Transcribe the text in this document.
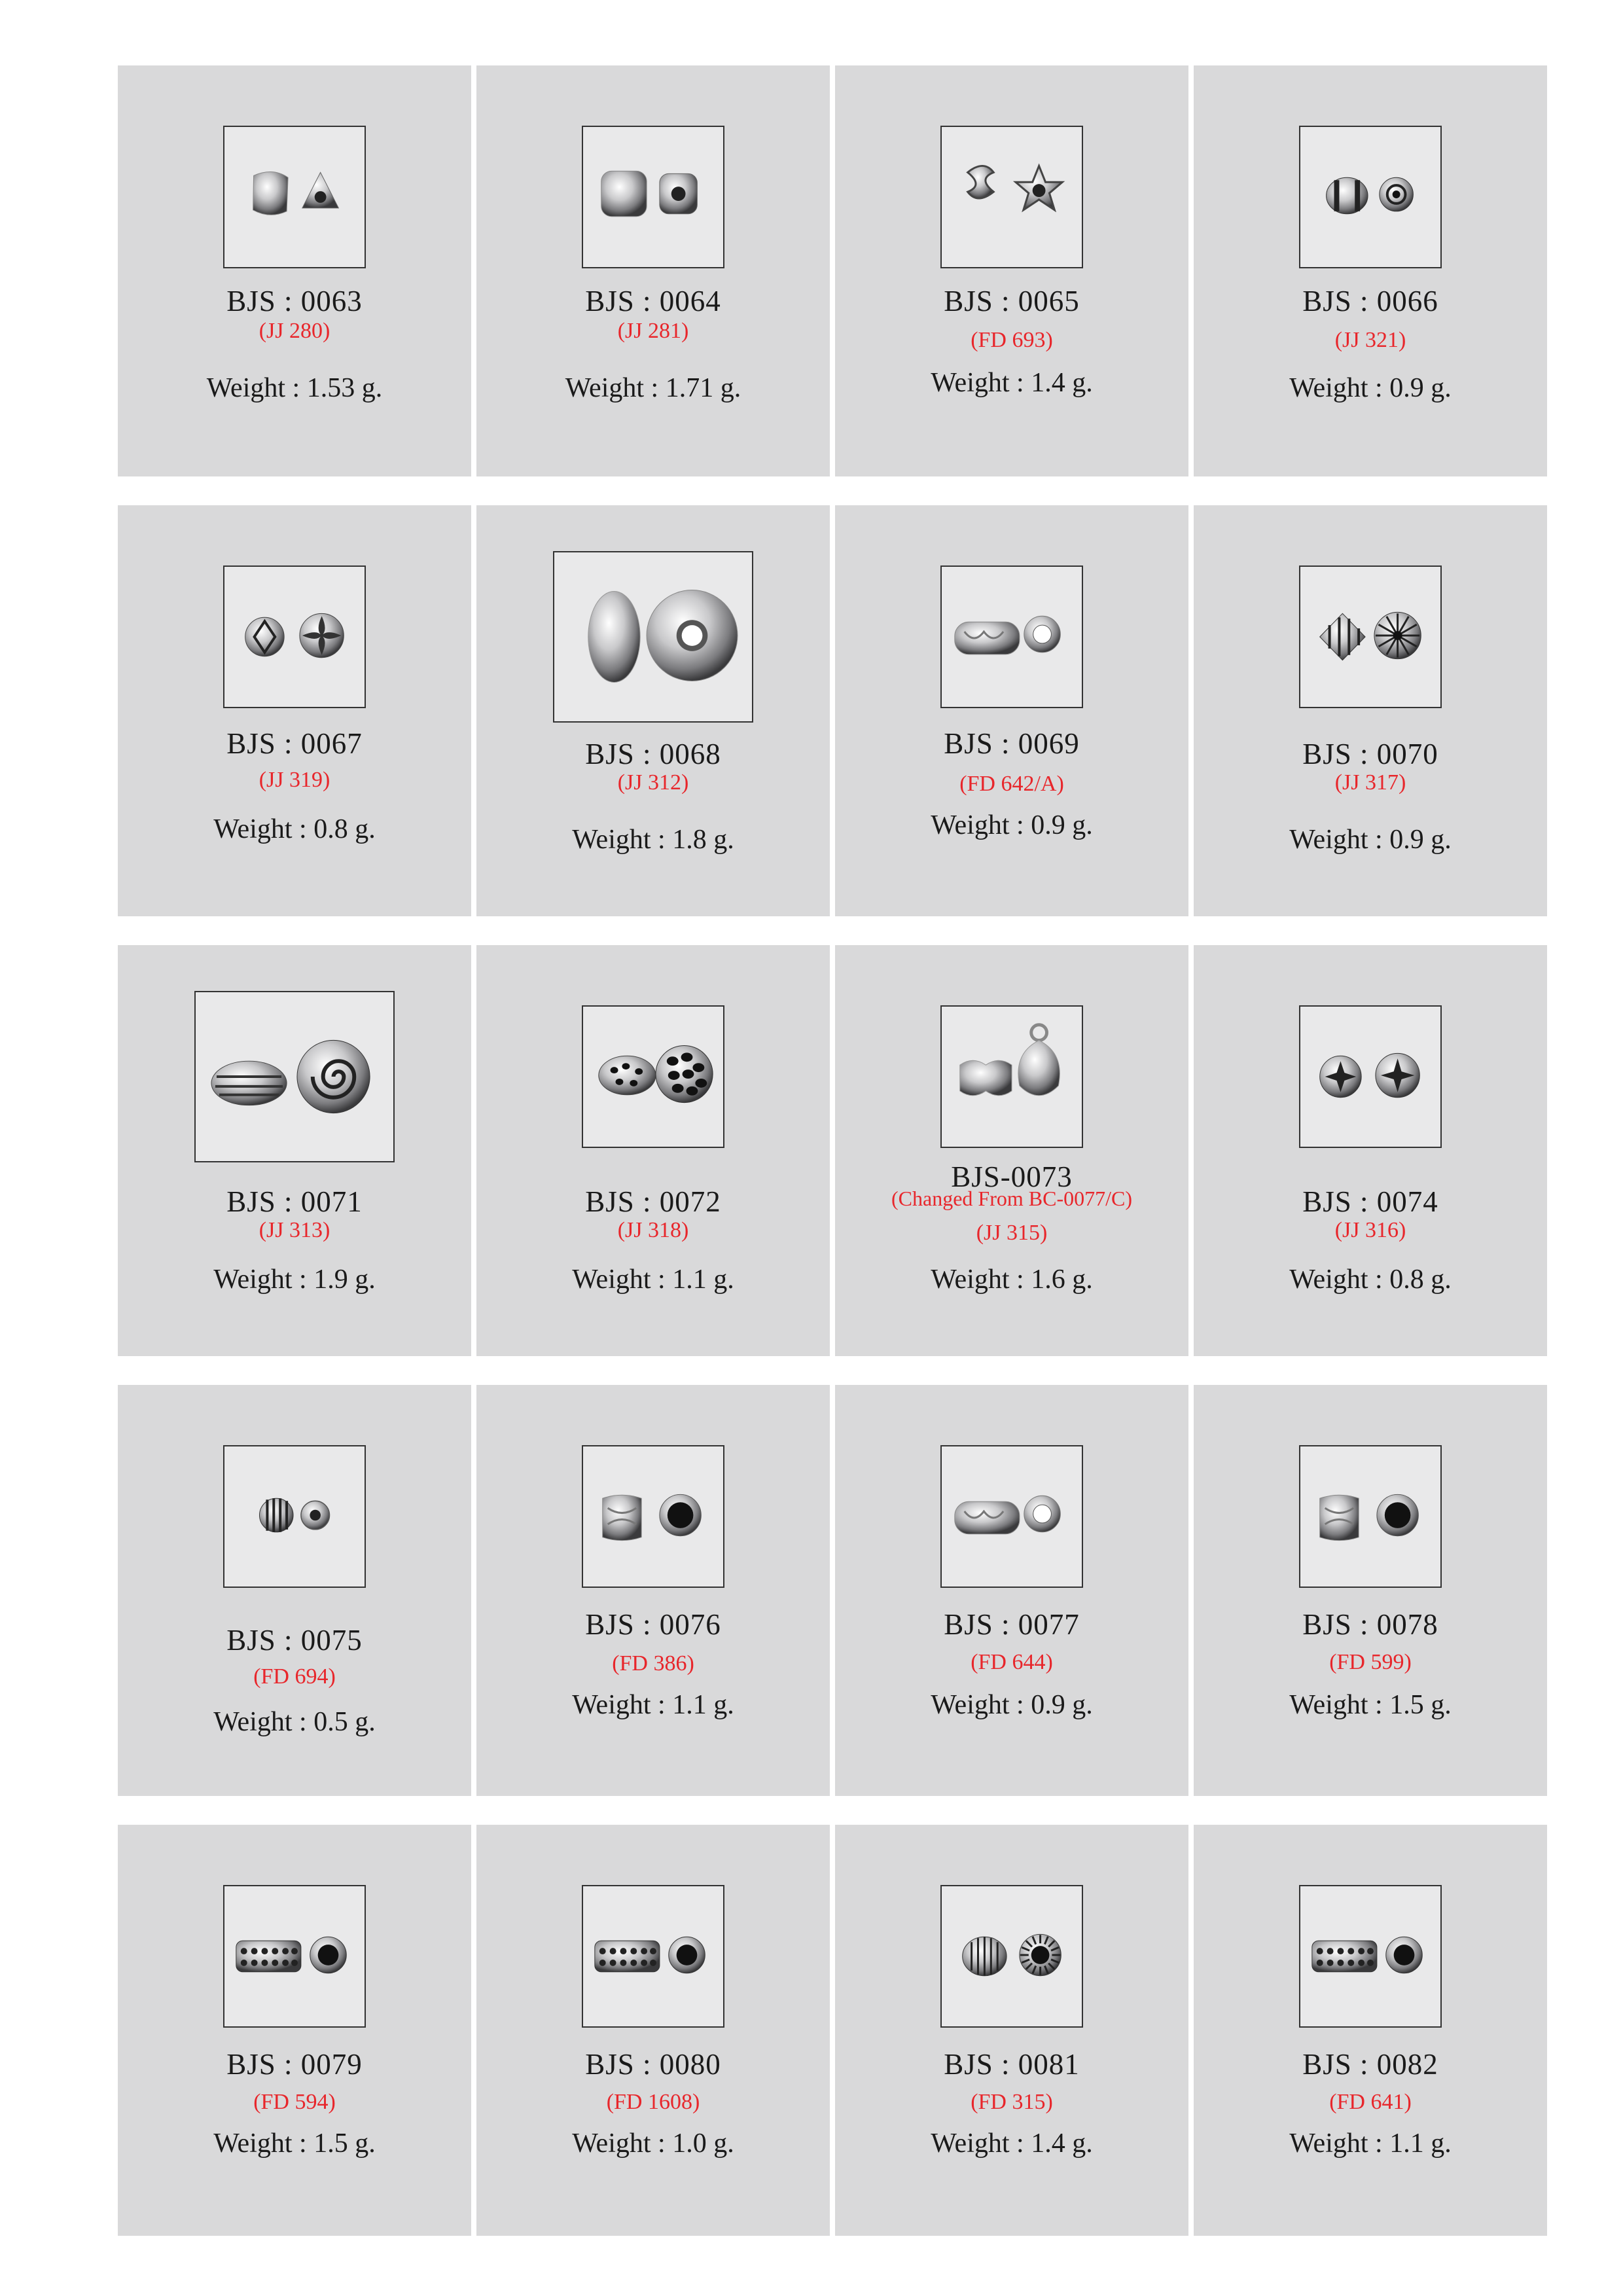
BJS : 0063
(JJ 280)
Weight : 1.53 g.
BJS : 0064
(JJ 281)
Weight : 1.71 g.
BJS : 0065
(FD 693)
Weight : 1.4 g.
BJS : 0066
(JJ 321)
Weight : 0.9 g.
BJS : 0067
(JJ 319)
Weight : 0.8 g.
BJS : 0068
(JJ 312)
Weight : 1.8 g.
BJS : 0069
(FD 642/A)
Weight : 0.9 g.
BJS : 0070
(JJ 317)
Weight : 0.9 g.
BJS : 0071
(JJ 313)
Weight : 1.9 g.
BJS : 0072
(JJ 318)
Weight : 1.1 g.
BJS-0073
(Changed From BC-0077/C)
(JJ 315)
Weight : 1.6 g.
BJS : 0074
(JJ 316)
Weight : 0.8 g.
BJS : 0075
(FD 694)
Weight : 0.5 g.
BJS : 0076
(FD 386)
Weight : 1.1 g.
BJS : 0077
(FD 644)
Weight : 0.9 g.
BJS : 0078
(FD 599)
Weight : 1.5 g.
BJS : 0079
(FD 594)
Weight : 1.5 g.
BJS : 0080
(FD 1608)
Weight : 1.0 g.
BJS : 0081
(FD 315)
Weight : 1.4 g.
BJS : 0082
(FD 641)
Weight : 1.1 g.
